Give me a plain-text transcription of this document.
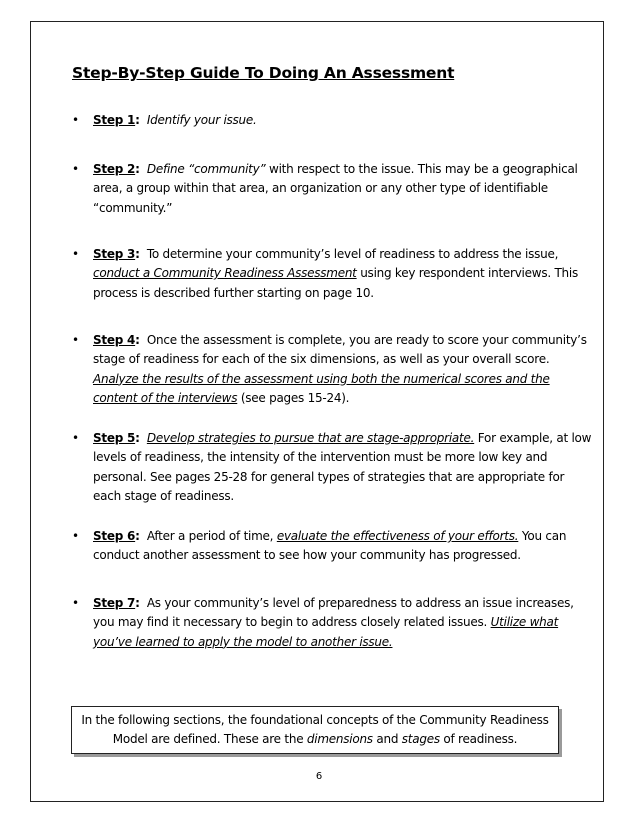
Step-By-Step Guide To Doing An Assessment
• Step 1: Identify your issue.
• Step 2: Define “community” with respect to the issue. This may be a geographical area, a group within that area, an organization or any other type of identifiable “community.”
• Step 3: To determine your community’s level of readiness to address the issue, conduct a Community Readiness Assessment using key respondent interviews. This process is described further starting on page 10.
• Step 4: Once the assessment is complete, you are ready to score your community’s stage of readiness for each of the six dimensions, as well as your overall score. Analyze the results of the assessment using both the numerical scores and the content of the interviews (see pages 15-24).
• Step 5: Develop strategies to pursue that are stage-appropriate. For example, at low levels of readiness, the intensity of the intervention must be more low key and personal. See pages 25-28 for general types of strategies that are appropriate for each stage of readiness.
• Step 6: After a period of time, evaluate the effectiveness of your efforts. You can conduct another assessment to see how your community has progressed.
• Step 7: As your community’s level of preparedness to address an issue increases, you may find it necessary to begin to address closely related issues. Utilize what you’ve learned to apply the model to another issue.
In the following sections, the foundational concepts of the Community Readiness Model are defined. These are the dimensions and stages of readiness.
6
